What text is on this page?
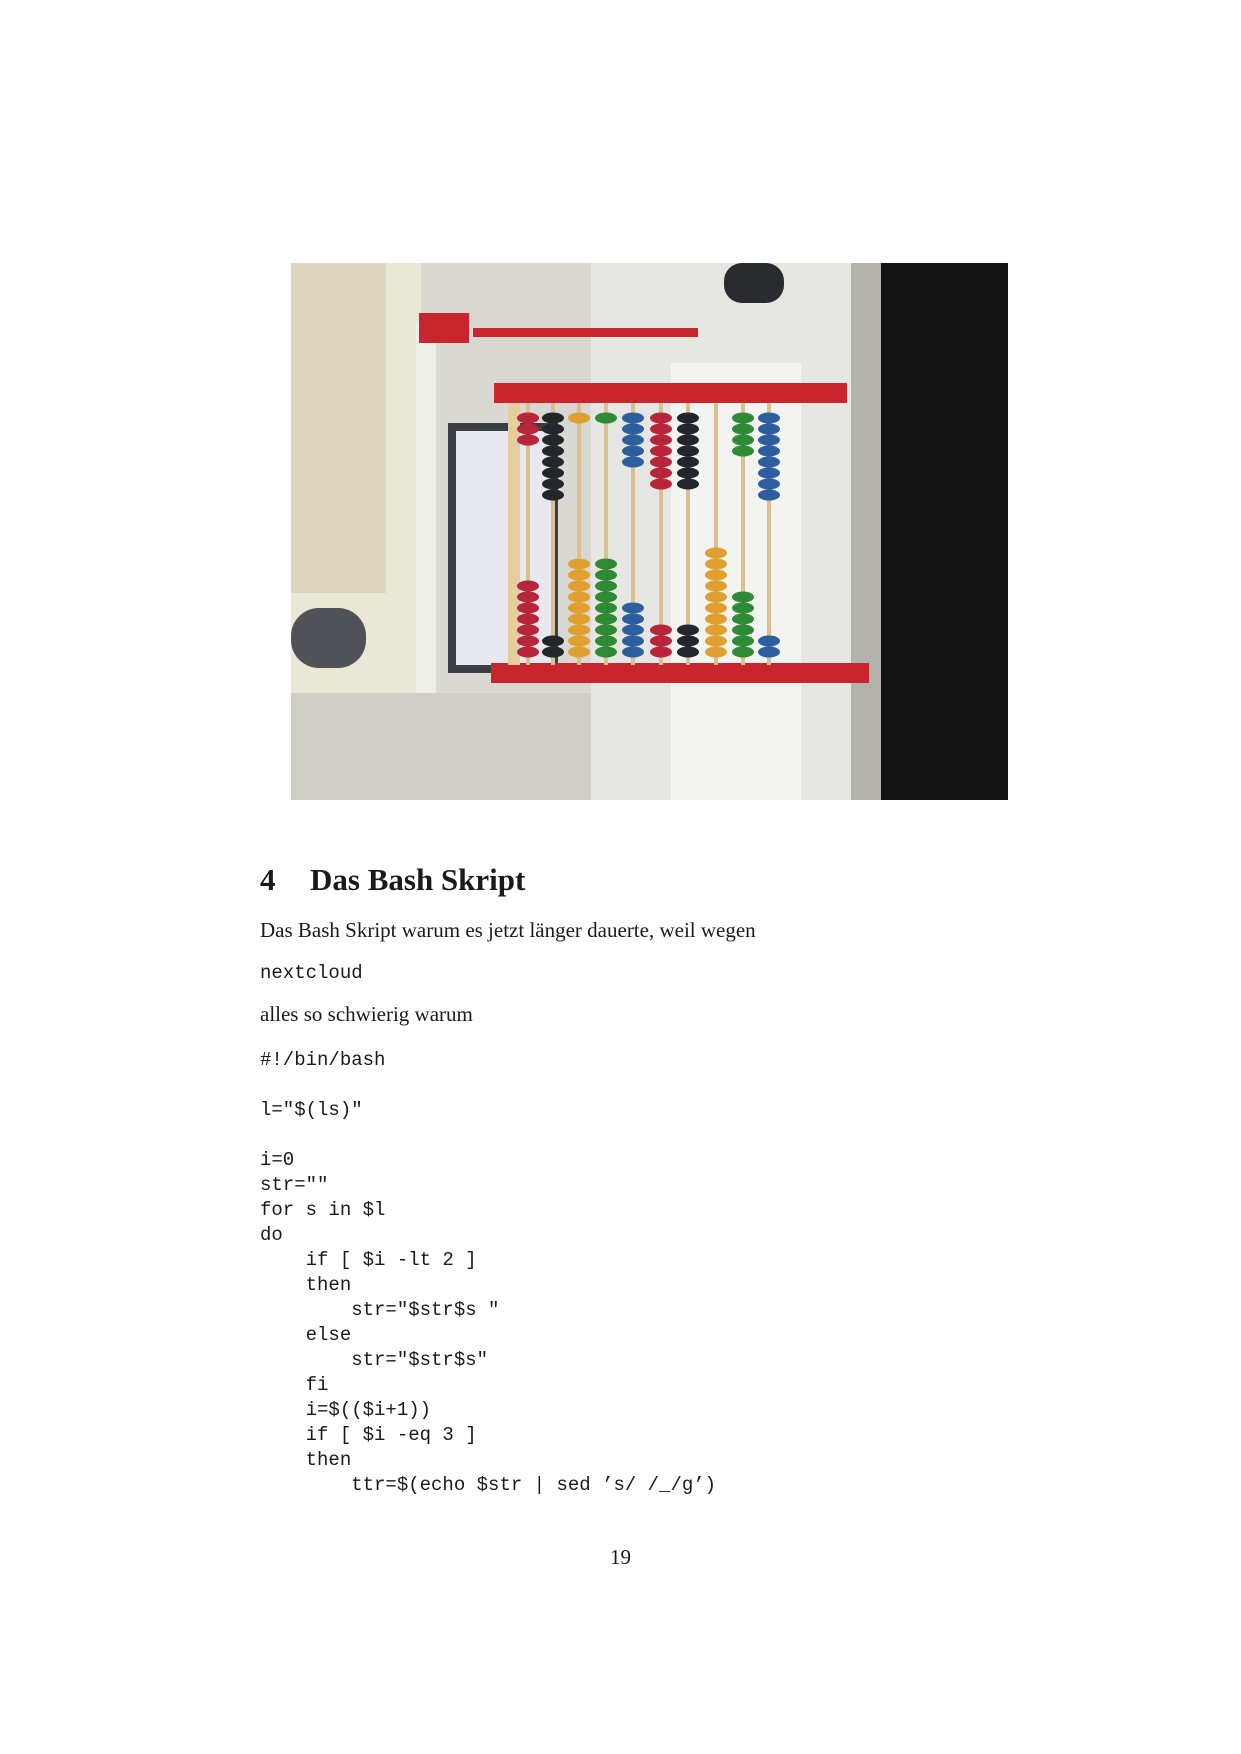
4 Das Bash Skript

Das Bash Skript warum es jetzt länger dauerte, weil wegen

nextcloud

alles so schwierig warum

#!/bin/bash

l="$(ls)"

i=0
str=""
for s in $l
do
if [ $i -lt 2 ]
then
str="$str$s "
else
str="$str$s"
fi
i=$(($i+1))
if [ $i -eq 3 ]
then
ttr=$(echo $str | sed ’s/ /_/g’)
19
